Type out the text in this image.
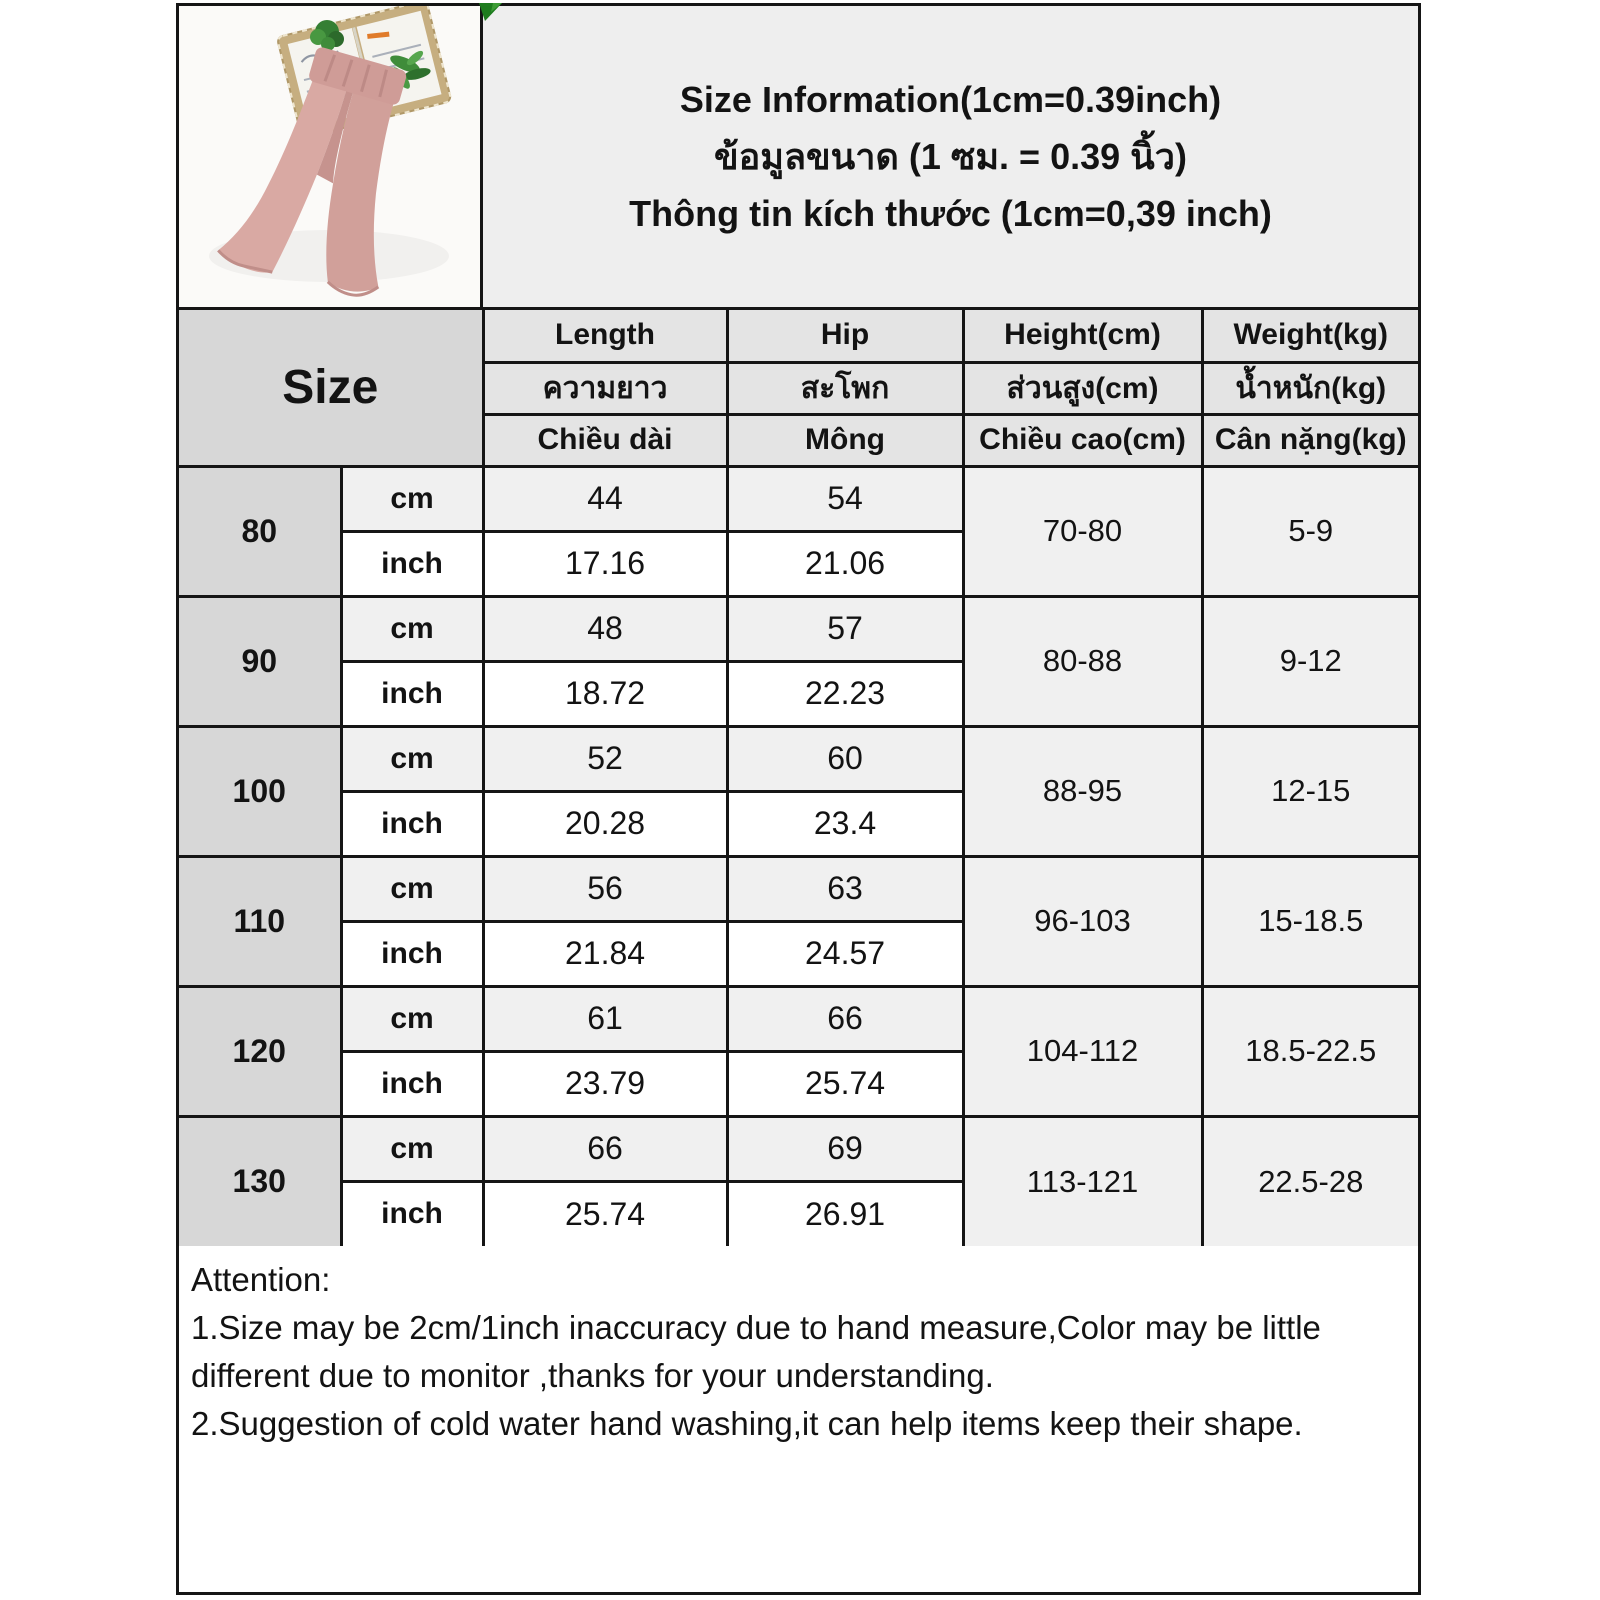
Size Information(1cm=0.39inch)
ข้อมูลขนาด (1 ซม. = 0.39 นิ้ว)
Thông tin kích thước (1cm=0,39 inch)
Size		Length	Hip	Height(cm)	Weight(kg)
		ความยาว	สะโพก	ส่วนสูง(cm)	น้ำหนัก(kg)
		Chiều dài	Mông	Chiều cao(cm)	Cân nặng(kg)
80	cm	44	54	70-80	5-9
	inch	17.16	21.06		
90	cm	48	57	80-88	9-12
	inch	18.72	22.23		
100	cm	52	60	88-95	12-15
	inch	20.28	23.4		
110	cm	56	63	96-103	15-18.5
	inch	21.84	24.57		
120	cm	61	66	104-112	18.5-22.5
	inch	23.79	25.74		
130	cm	66	69	113-121	22.5-28
	inch	25.74	26.91		
Attention:
1.Size may be 2cm/1inch inaccuracy due to hand measure,Color may be little
different due to monitor ,thanks for your understanding.
2.Suggestion of cold water hand washing,it can help items keep their shape.
